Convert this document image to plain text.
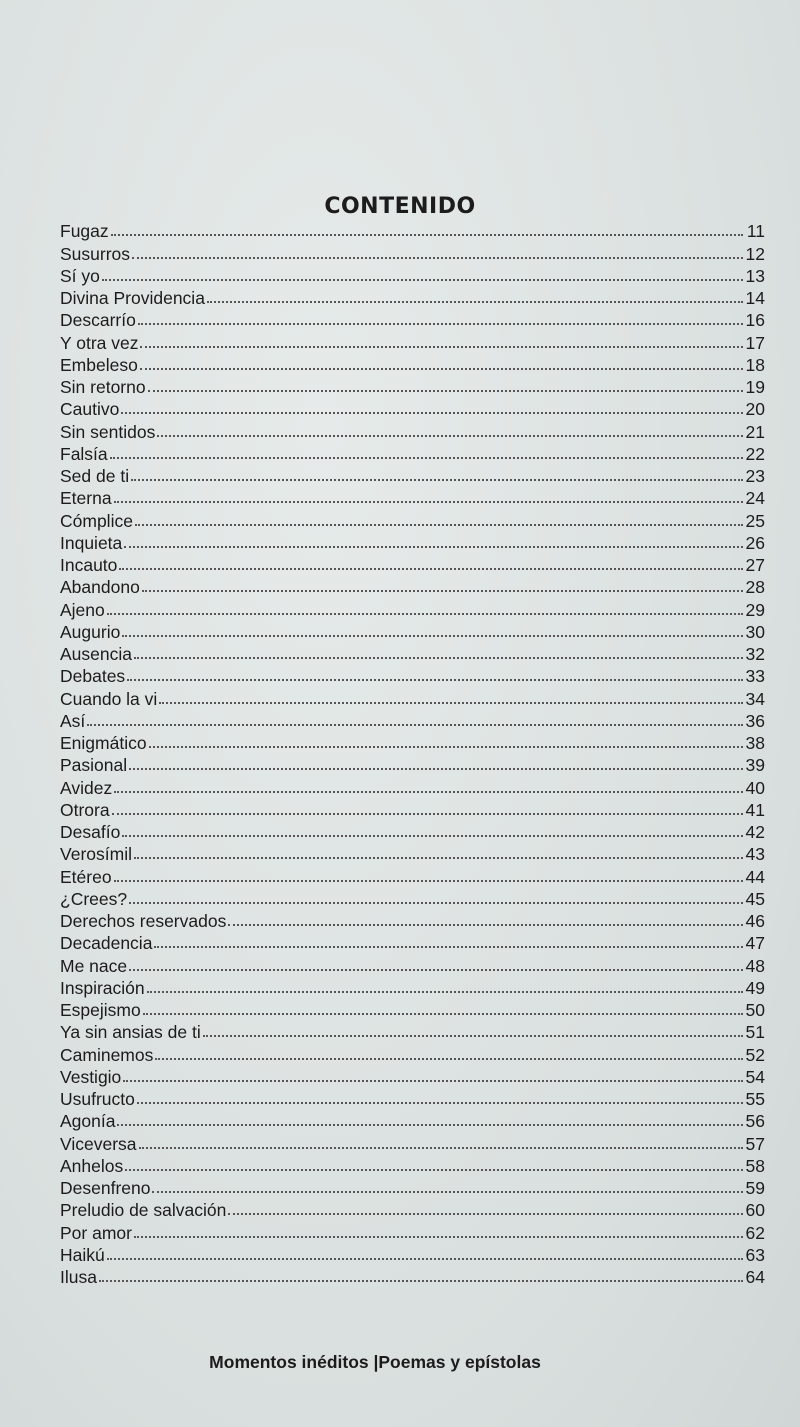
CONTENIDO
Fugaz	11
Susurros	12
Sí yo	13
Divina Providencia	14
Descarrío	16
Y otra vez	17
Embeleso	18
Sin retorno	19
Cautivo	20
Sin sentidos	21
Falsía	22
Sed de ti	23
Eterna	24
Cómplice	25
Inquieta	26
Incauto	27
Abandono	28
Ajeno	29
Augurio	30
Ausencia	32
Debates	33
Cuando la vi	34
Así	36
Enigmático	38
Pasional	39
Avidez	40
Otrora	41
Desafío	42
Verosímil	43
Etéreo	44
¿Crees?	45
Derechos reservados	46
Decadencia	47
Me nace	48
Inspiración	49
Espejismo	50
Ya sin ansias de ti	51
Caminemos	52
Vestigio	54
Usufructo	55
Agonía	56
Viceversa	57
Anhelos	58
Desenfreno	59
Preludio de salvación	60
Por amor	62
Haikú	63
Ilusa	64
Momentos inéditos |Poemas y epístolas
